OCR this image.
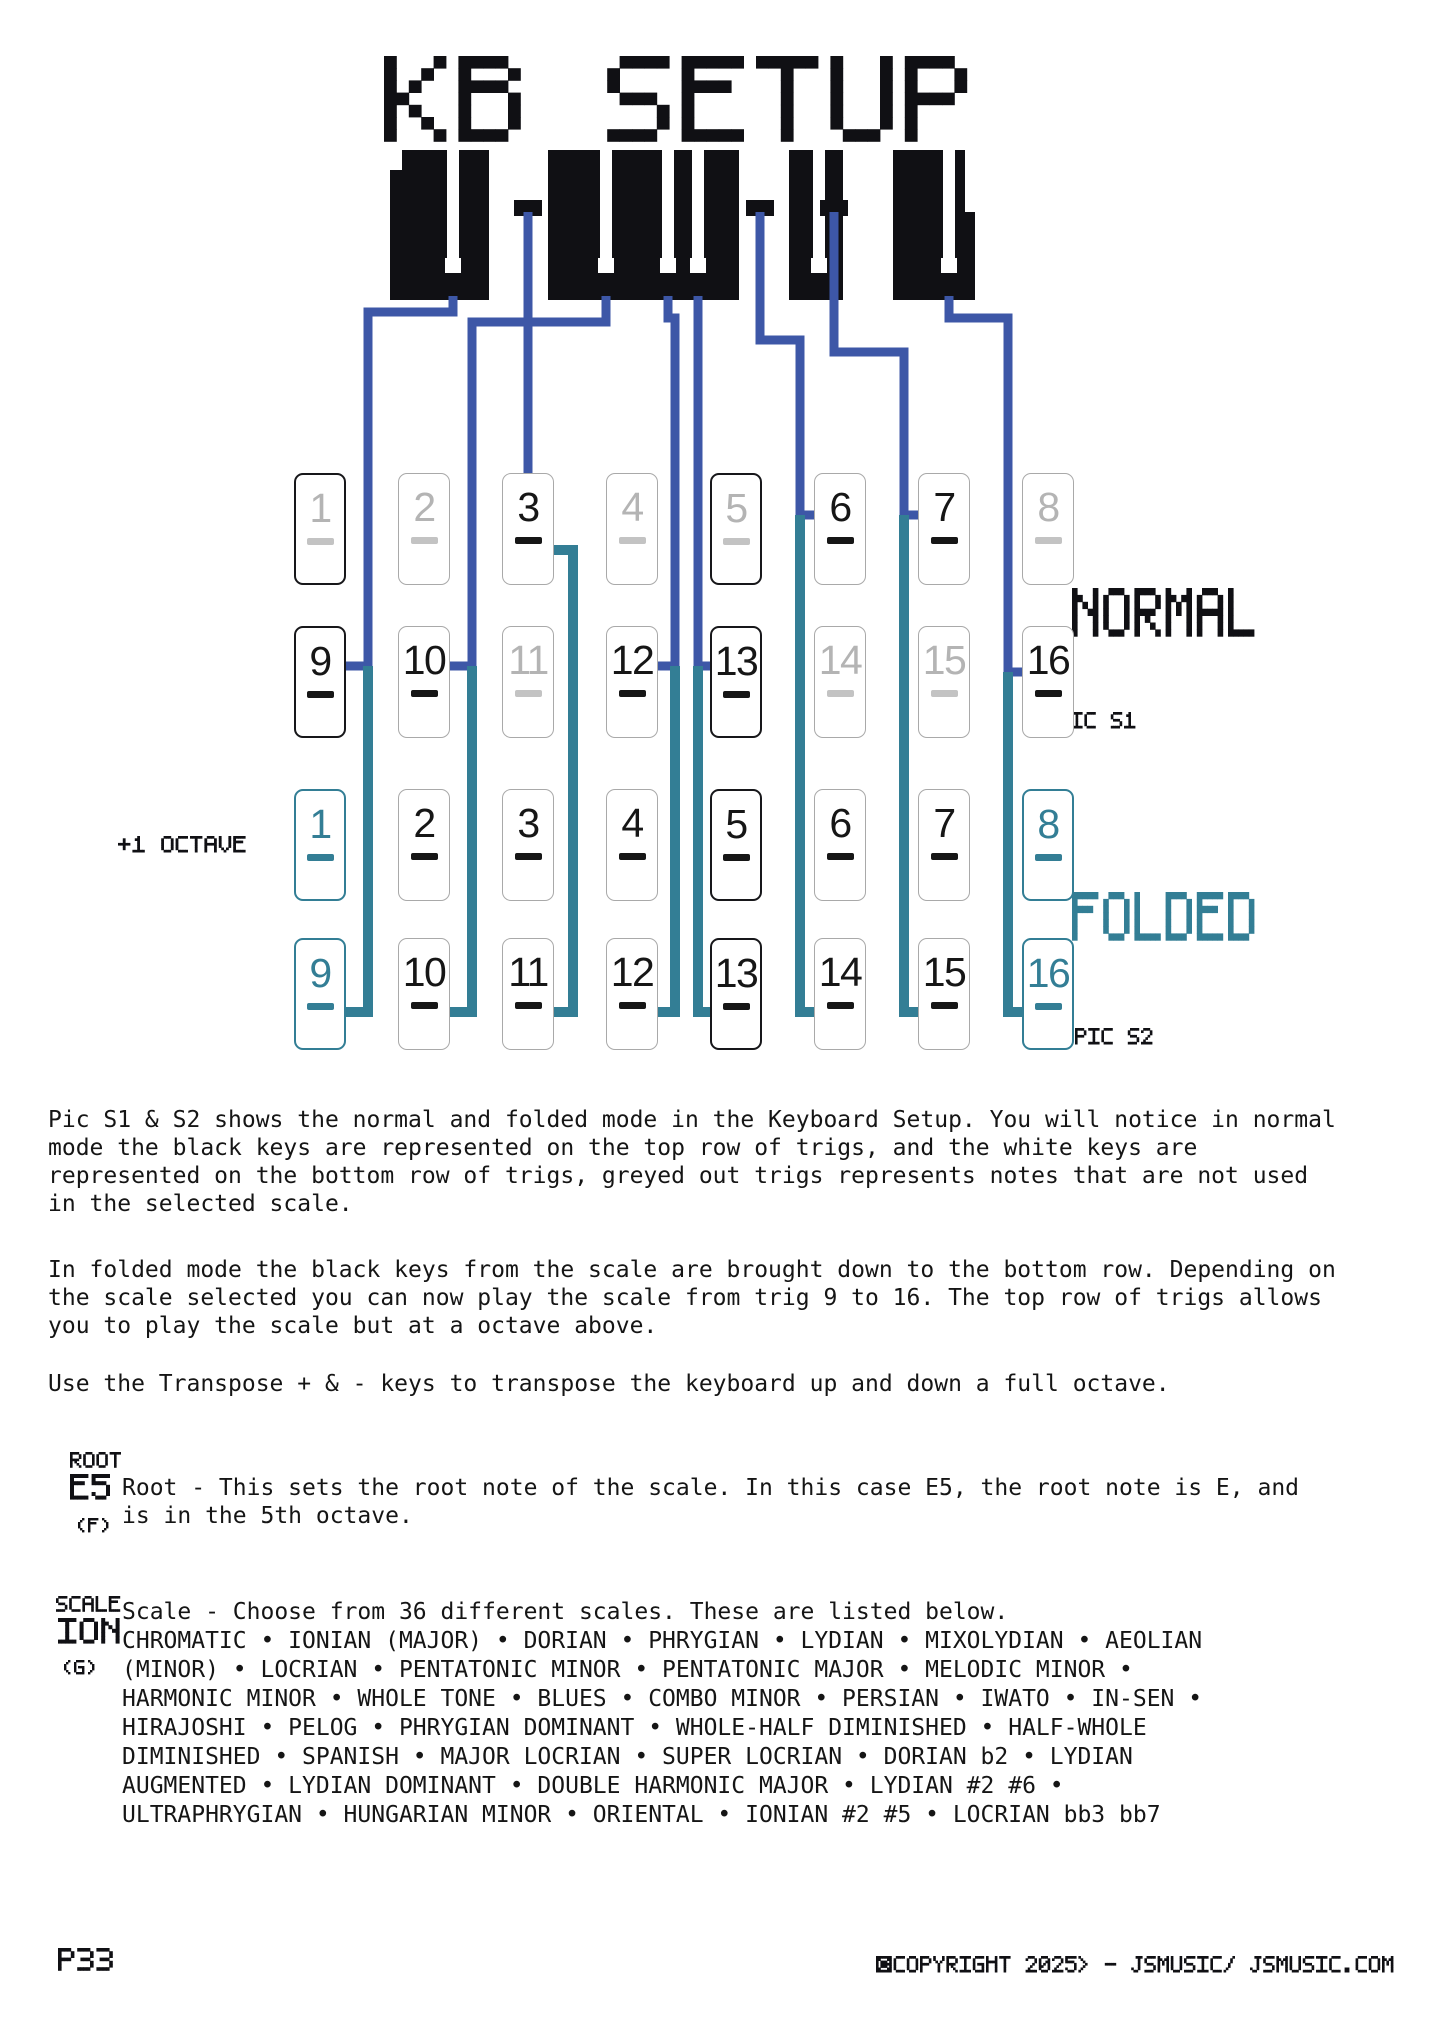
1 2 3 4 5 6 7 8
9 10 11 12 13 14 15 16
1 2 3 4 5 6 7 8
9 10 11 12 13 14 15 16
Pic S1 & S2 shows the normal and folded mode in the Keyboard Setup. You will notice in normal
mode the black keys are represented on the top row of trigs, and the white keys are
represented on the bottom row of trigs, greyed out trigs represents notes that are not used
in the selected scale.
In folded mode the black keys from the scale are brought down to the bottom row. Depending on
the scale selected you can now play the scale from trig 9 to 16. The top row of trigs allows
you to play the scale but at a octave above.
Use the Transpose + & - keys to transpose the keyboard up and down a full octave.
Root - This sets the root note of the scale. In this case E5, the root note is E, and
is in the 5th octave.
Scale - Choose from 36 different scales. These are listed below.
CHROMATIC • IONIAN (MAJOR) • DORIAN • PHRYGIAN • LYDIAN • MIXOLYDIAN • AEOLIAN
(MINOR) • LOCRIAN • PENTATONIC MINOR • PENTATONIC MAJOR • MELODIC MINOR •
HARMONIC MINOR • WHOLE TONE • BLUES • COMBO MINOR • PERSIAN • IWATO • IN-SEN •
HIRAJOSHI • PELOG • PHRYGIAN DOMINANT • WHOLE-HALF DIMINISHED • HALF-WHOLE
DIMINISHED • SPANISH • MAJOR LOCRIAN • SUPER LOCRIAN • DORIAN b2 • LYDIAN
AUGMENTED • LYDIAN DOMINANT • DOUBLE HARMONIC MAJOR • LYDIAN #2 #6 •
ULTRAPHRYGIAN • HUNGARIAN MINOR • ORIENTAL • IONIAN #2 #5 • LOCRIAN bb3 bb7
